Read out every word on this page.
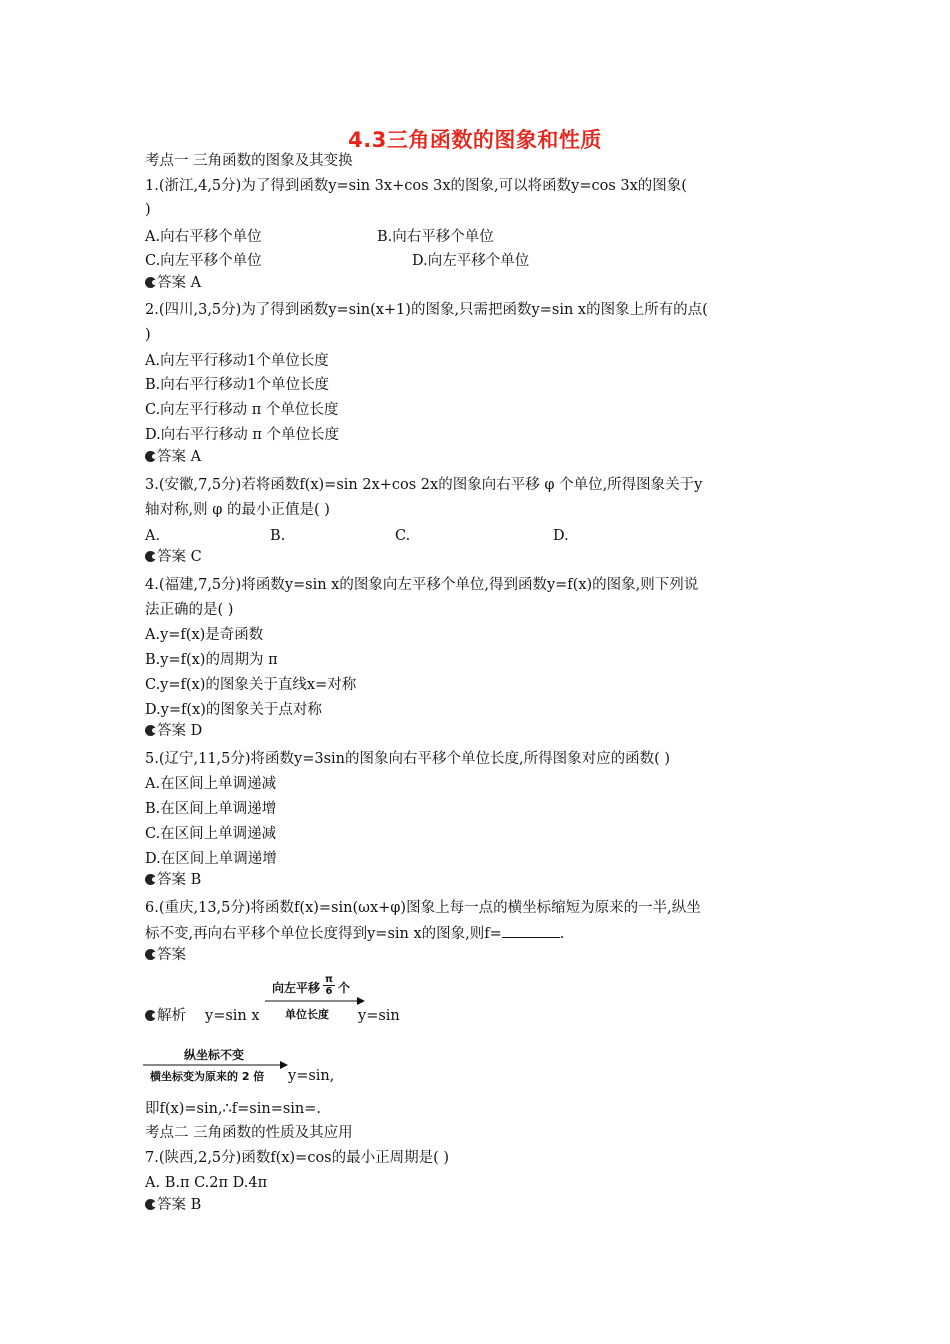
4.3三角函数的图象和性质
考点一 三角函数的图象及其变换
1.(浙江,4,5分)为了得到函数y=sin 3x+cos 3x的图象,可以将函数y=cos 3x的图象(
)
A.向右平移个单位	B.向右平移个单位
C.向左平移个单位	D.向左平移个单位
答案 A
2.(四川,3,5分)为了得到函数y=sin(x+1)的图象,只需把函数y=sin x的图象上所有的点(
)
A.向左平行移动1个单位长度
B.向右平行移动1个单位长度
C.向左平行移动 π 个单位长度
D.向右平行移动 π 个单位长度
答案 A
3.(安徽,7,5分)若将函数f(x)=sin 2x+cos 2x的图象向右平移 φ 个单位,所得图象关于y
轴对称,则 φ 的最小正值是( )
A.	B.	C.	D.
答案 C
4.(福建,7,5分)将函数y=sin x的图象向左平移个单位,得到函数y=f(x)的图象,则下列说
法正确的是( )
A.y=f(x)是奇函数
B.y=f(x)的周期为 π
C.y=f(x)的图象关于直线x=对称
D.y=f(x)的图象关于点对称
答案 D
5.(辽宁,11,5分)将函数y=3sin的图象向右平移个单位长度,所得图象对应的函数( )
A.在区间上单调递减
B.在区间上单调递增
C.在区间上单调递减
D.在区间上单调递增
答案 B
6.(重庆,13,5分)将函数f(x)=sin(ωx+φ)图象上每一点的横坐标缩短为原来的一半,纵坐
标不变,再向右平移个单位长度得到y=sin x的图象,则f=	.
答案
解析 y=sin x
向左平移 $\frac{\pi}{6}$ 个
单位长度 y=sin
纵坐标不变
横坐标变为原来的 2 倍 y=sin,
即f(x)=sin,∴f=sin=sin=.
考点二 三角函数的性质及其应用
7.(陕西,2,5分)函数f(x)=cos的最小正周期是( )
A. B.π C.2π D.4π
答案 B
